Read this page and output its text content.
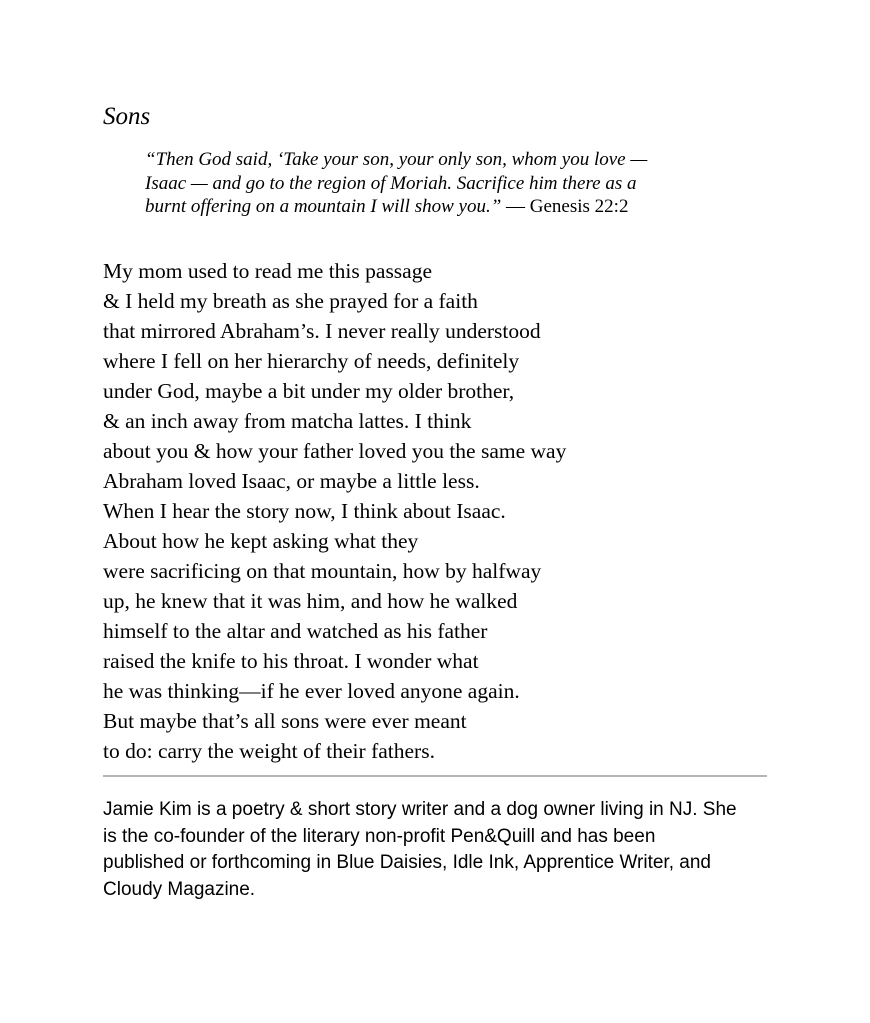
Sons
“Then God said, ‘Take your son, your only son, whom you love —
Isaac — and go to the region of Moriah. Sacrifice him there as a
burnt offering on a mountain I will show you.” — Genesis 22:2
My mom used to read me this passage
& I held my breath as she prayed for a faith
that mirrored Abraham’s. I never really understood
where I fell on her hierarchy of needs, definitely
under God, maybe a bit under my older brother,
& an inch away from matcha lattes. I think
about you & how your father loved you the same way
Abraham loved Isaac, or maybe a little less.
When I hear the story now, I think about Isaac.
About how he kept asking what they
were sacrificing on that mountain, how by halfway
up, he knew that it was him, and how he walked
himself to the altar and watched as his father
raised the knife to his throat. I wonder what
he was thinking—if he ever loved anyone again.
But maybe that’s all sons were ever meant
to do: carry the weight of their fathers.
Jamie Kim is a poetry & short story writer and a dog owner living in NJ. She
is the co-founder of the literary non-profit Pen&Quill and has been
published or forthcoming in Blue Daisies, Idle Ink, Apprentice Writer, and
Cloudy Magazine.
